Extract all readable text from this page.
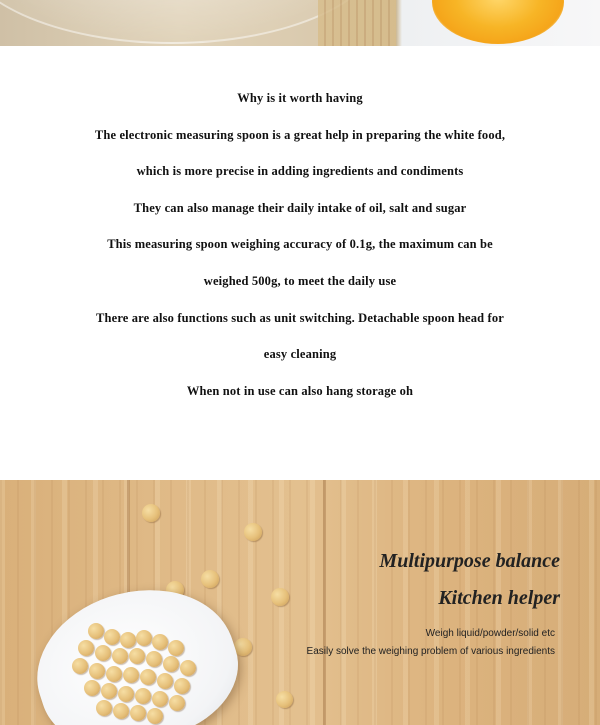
Why is it worth having

The electronic measuring spoon is a great help in preparing the white food,

which is more precise in adding ingredients and condiments

They can also manage their daily intake of oil, salt and sugar

This measuring spoon weighing accuracy of 0.1g, the maximum can be

weighed 500g, to meet the daily use

There are also functions such as unit switching. Detachable spoon head for

easy cleaning

When not in use can also hang storage oh

Multipurpose balance
Kitchen helper
Weigh liquid/powder/solid etc
Easily solve the weighing problem of various ingredients
